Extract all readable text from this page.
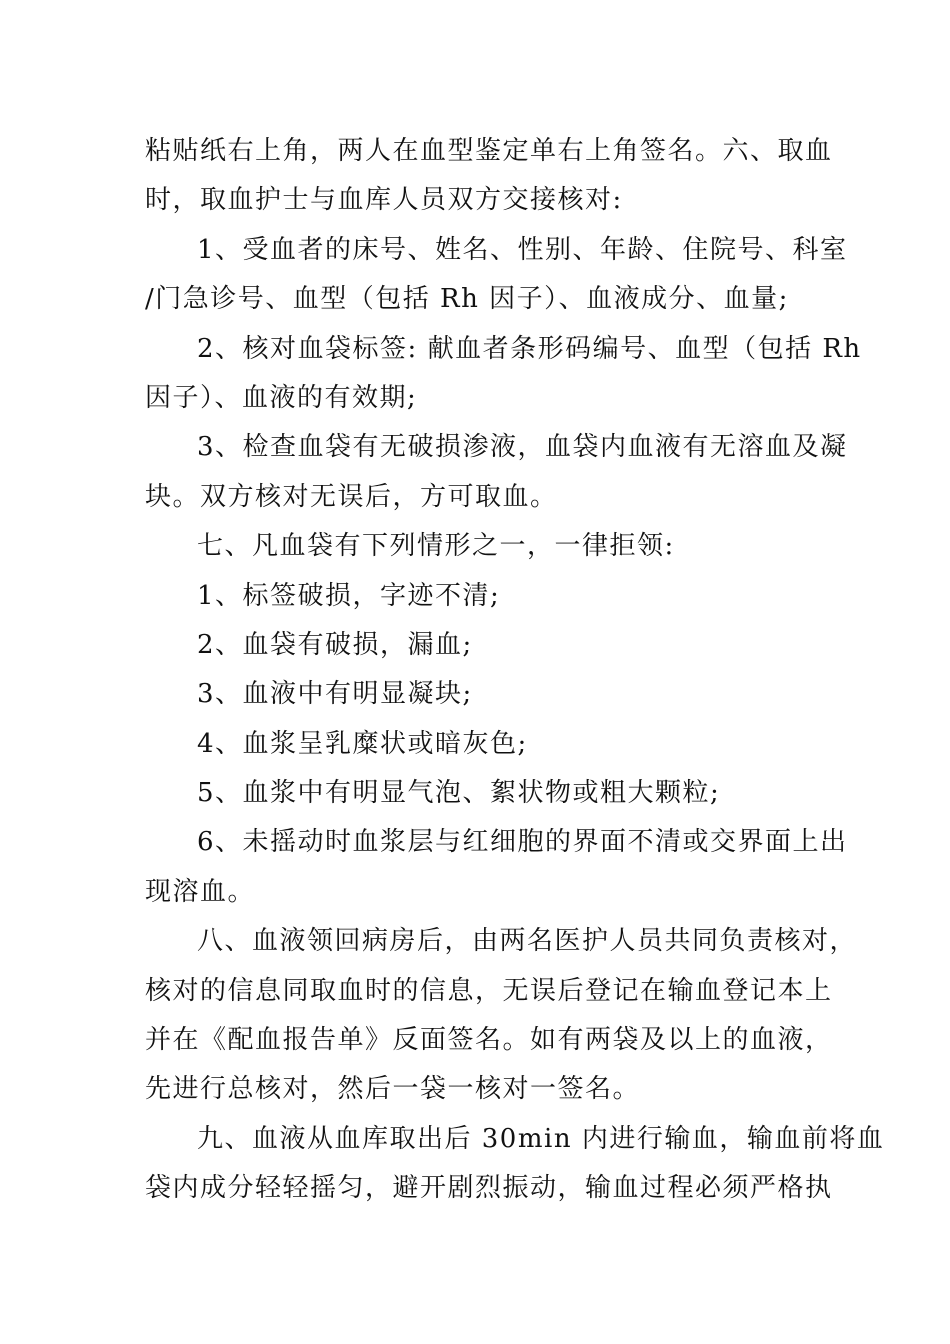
粘贴纸右上角，两人在血型鉴定单右上角签名。六、取血
时，取血护士与血库人员双方交接核对:
1、受血者的床号、姓名、性别、年龄、住院号、科室
/门急诊号、血型（包括 Rh 因子）、血液成分、血量;
2、核对血袋标签: 献血者条形码编号、血型（包括 Rh
因子）、血液的有效期;
3、检查血袋有无破损渗液，血袋内血液有无溶血及凝
块。双方核对无误后，方可取血。
七、凡血袋有下列情形之一，一律拒领:
1、标签破损，字迹不清;
2、血袋有破损，漏血;
3、血液中有明显凝块;
4、血浆呈乳糜状或暗灰色;
5、血浆中有明显气泡、絮状物或粗大颗粒;
6、未摇动时血浆层与红细胞的界面不清或交界面上出
现溶血。
八、血液领回病房后，由两名医护人员共同负责核对，
核对的信息同取血时的信息，无误后登记在输血登记本上
并在《配血报告单》反面签名。如有两袋及以上的血液，
先进行总核对，然后一袋一核对一签名。
九、血液从血库取出后 30min 内进行输血，输血前将血
袋内成分轻轻摇匀，避开剧烈振动，输血过程必须严格执
